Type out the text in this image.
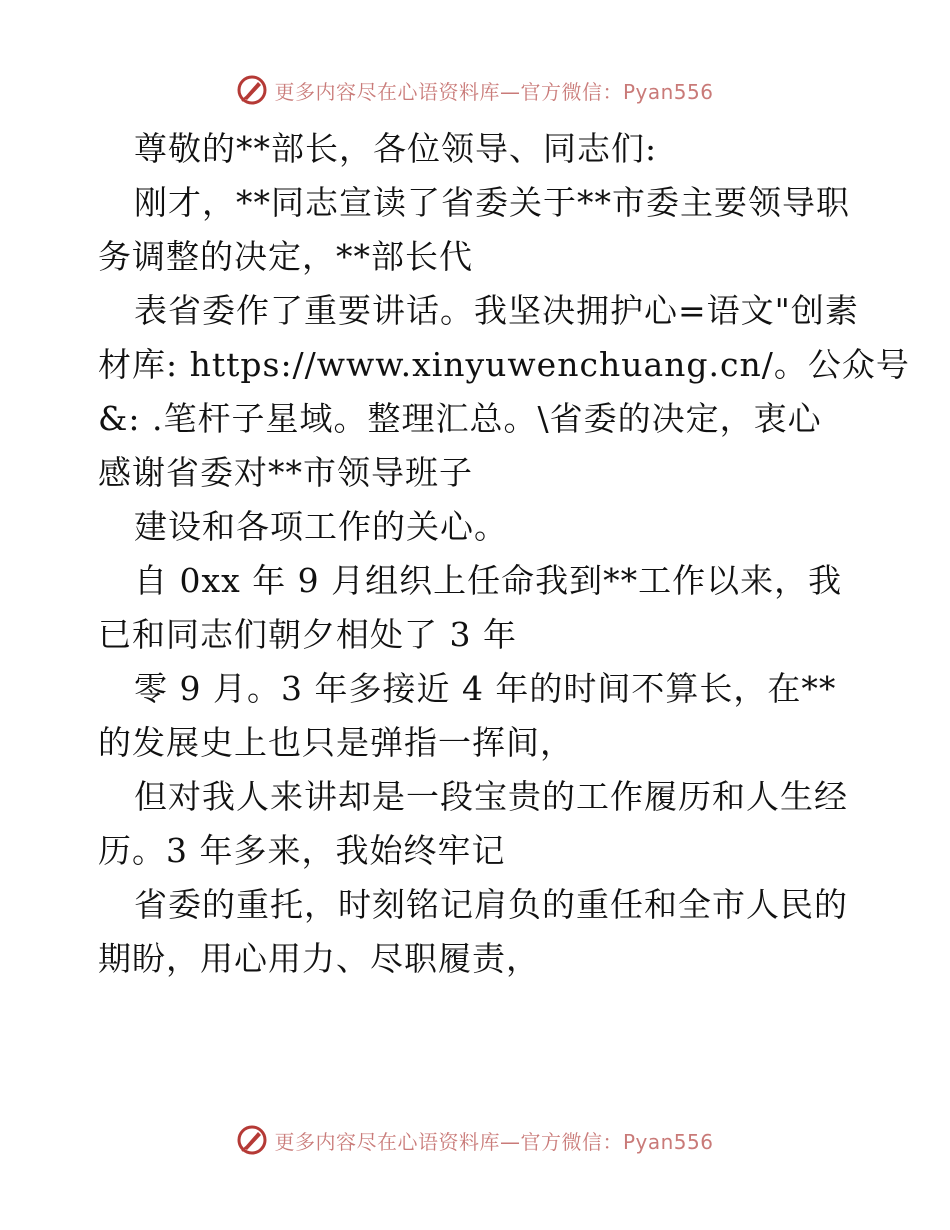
更多内容尽在心语资料库—官方微信：Pyan556
尊敬的**部长，各位领导、同志们:
刚才，**同志宣读了省委关于**市委主要领导职
务调整的决定，**部长代
表省委作了重要讲话。我坚决拥护心=语文"创素
材库: https://www.xinyuwenchuang.cn/。公众号
&: .笔杆子星域。整理汇总。\省委的决定，衷心
感谢省委对**市领导班子
建设和各项工作的关心。
自 0xx 年 9 月组织上任命我到**工作以来，我
已和同志们朝夕相处了 3 年
零 9 月。3 年多接近 4 年的时间不算长，在**
的发展史上也只是弹指一挥间，
但对我人来讲却是一段宝贵的工作履历和人生经
历。3 年多来，我始终牢记
省委的重托，时刻铭记肩负的重任和全市人民的
期盼，用心用力、尽职履责，
更多内容尽在心语资料库—官方微信：Pyan556
